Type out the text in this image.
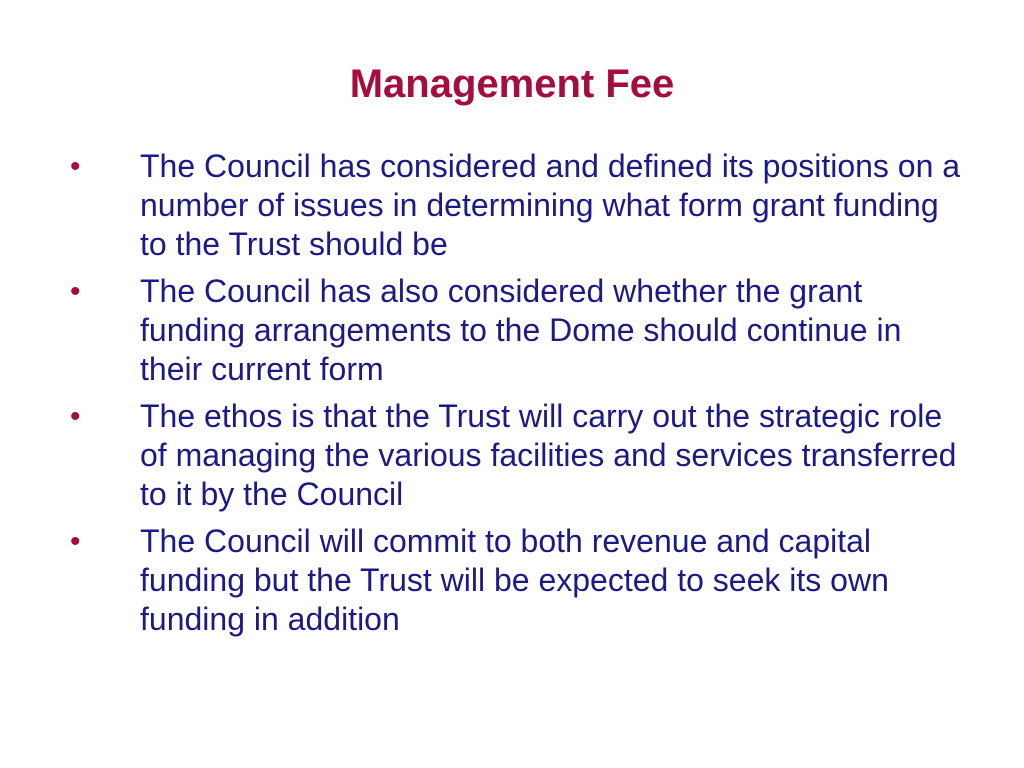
Management Fee
• The Council has considered and defined its positions on a number of issues in determining what form grant funding to the Trust should be
• The Council has also considered whether the grant funding arrangements to the Dome should continue in their current form
• The ethos is that the Trust will carry out the strategic role of managing the various facilities and services transferred to it by the Council
• The Council will commit to both revenue and capital funding but the Trust will be expected to seek its own funding in addition
